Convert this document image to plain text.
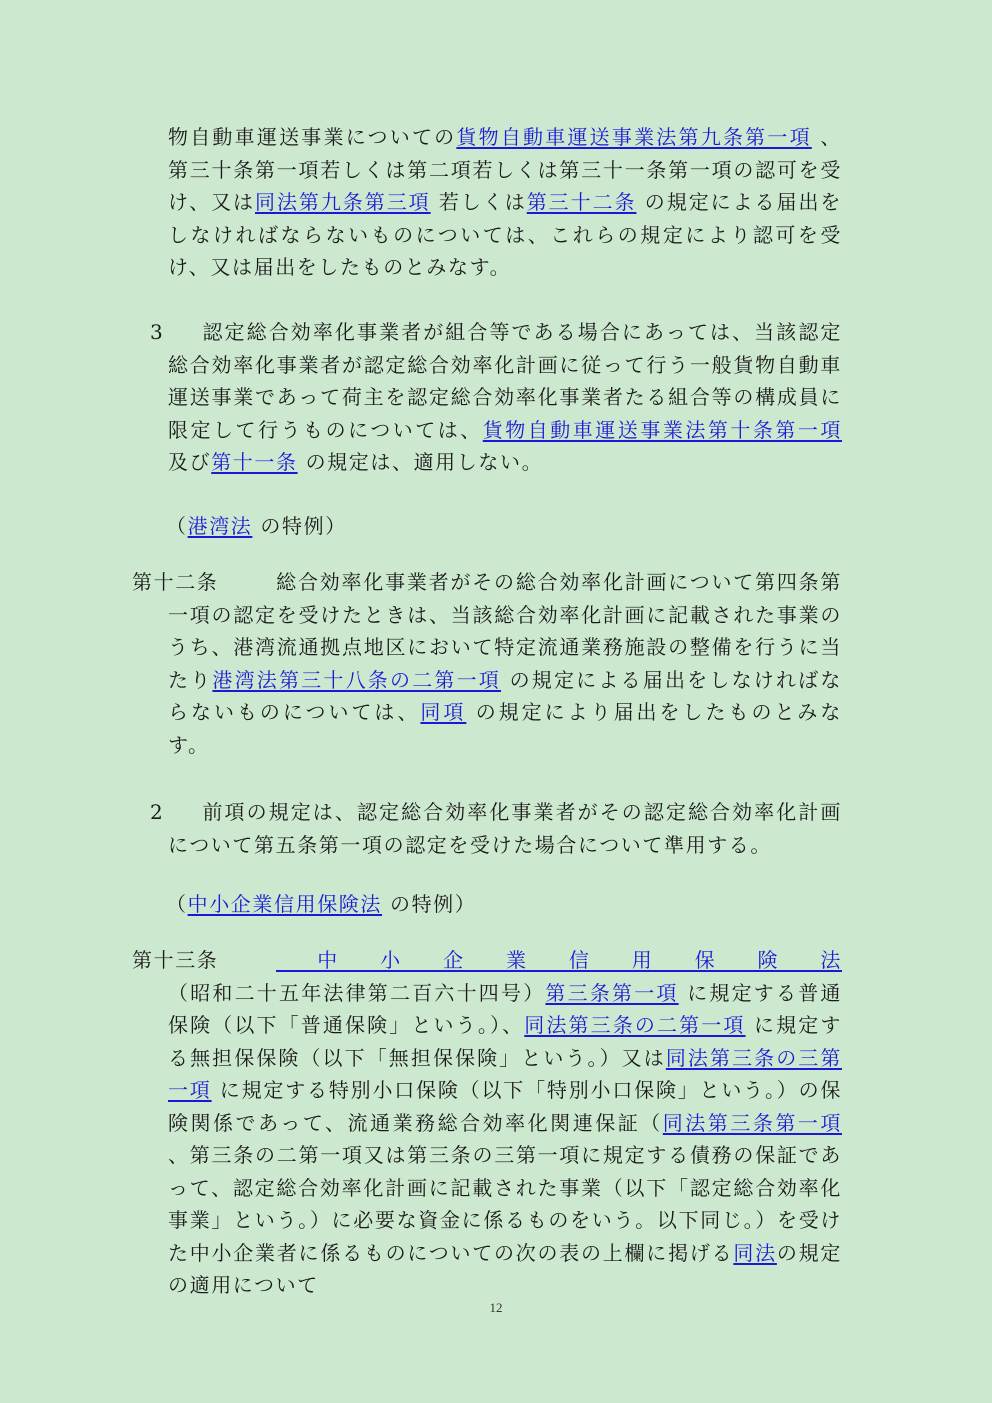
物自動車運送事業についての貨物自動車運送事業法第九条第一項 、第三十条第一項若しくは第二項若しくは第三十一条第一項の認可を受け、又は同法第九条第三項 若しくは第三十二条 の規定による届出をしなければならないものについては、これらの規定により認可を受け、又は届出をしたものとみなす。
3 認定総合効率化事業者が組合等である場合にあっては、当該認定総合効率化事業者が認定総合効率化計画に従って行う一般貨物自動車運送事業であって荷主を認定総合効率化事業者たる組合等の構成員に限定して行うものについては、貨物自動車運送事業法第十条第一項 及び第十一条 の規定は、適用しない。
（港湾法 の特例）
第十二条	総合効率化事業者がその総合効率化計画について第四条第一項の認定を受けたときは、当該総合効率化計画に記載された事業のうち、港湾流通拠点地区において特定流通業務施設の整備を行うに当たり港湾法第三十八条の二第一項 の規定による届出をしなければならないものについては、同項 の規定により届出をしたものとみなす。
2 前項の規定は、認定総合効率化事業者がその認定総合効率化計画について第五条第一項の認定を受けた場合について準用する。
（中小企業信用保険法 の特例）
第十三条	中小企業信用保険法 （昭和二十五年法律第二百六十四号）第三条第一項 に規定する普通保険（以下「普通保険」という。）、同法第三条の二第一項 に規定する無担保保険（以下「無担保保険」という。）又は同法第三条の三第一項 に規定する特別小口保険（以下「特別小口保険」という。）の保険関係であって、流通業務総合効率化関連保証（同法第三条第一項 、第三条の二第一項又は第三条の三第一項に規定する債務の保証であって、認定総合効率化計画に記載された事業（以下「認定総合効率化事業」という。）に必要な資金に係るものをいう。以下同じ。）を受けた中小企業者に係るものについての次の表の上欄に掲げる同法の規定の適用について
12
